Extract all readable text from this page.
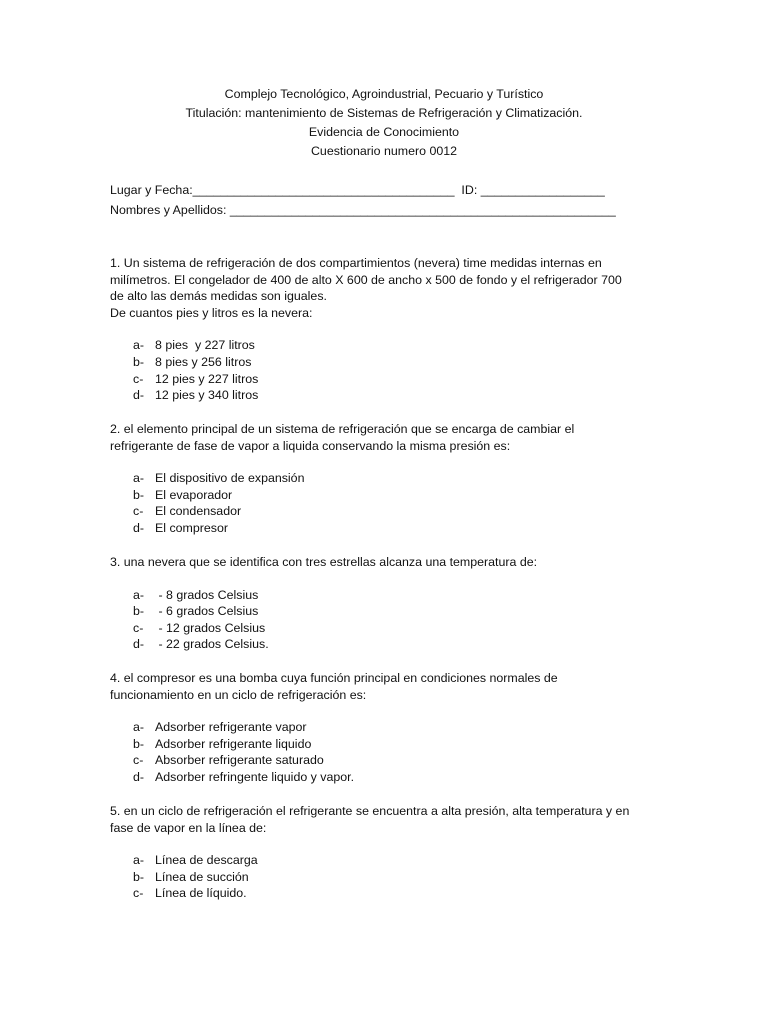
Complejo Tecnológico, Agroindustrial, Pecuario y Turístico
Titulación: mantenimiento de Sistemas de Refrigeración y Climatización.
Evidencia de Conocimiento
Cuestionario numero 0012
Lugar y Fecha:______________________________________ ID: __________________
Nombres y Apellidos: ________________________________________________________

1. Un sistema de refrigeración de dos compartimientos (nevera) time medidas internas en milímetros. El congelador de 400 de alto X 600 de ancho x 500 de fondo y el refrigerador 700 de alto las demás medidas son iguales.

De cuantos pies y litros es la nevera:

a- 8 pies  y 227 litros
b- 8 pies y 256 litros
c- 12 pies y 227 litros
d- 12 pies y 340 litros

2. el elemento principal de un sistema de refrigeración que se encarga de cambiar el refrigerante de fase de vapor a liquida conservando la misma presión es:

a- El dispositivo de expansión
b- El evaporador
c- El condensador
d- El compresor

3. una nevera que se identifica con tres estrellas alcanza una temperatura de:

a- - 8 grados Celsius
b- - 6 grados Celsius
c- - 12 grados Celsius
d- - 22 grados Celsius.

4. el compresor es una bomba cuya función principal en condiciones normales de funcionamiento en un ciclo de refrigeración es:

a- Adsorber refrigerante vapor
b- Adsorber refrigerante liquido
c- Absorber refrigerante saturado
d- Adsorber refringente liquido y vapor.

5. en un ciclo de refrigeración el refrigerante se encuentra a alta presión, alta temperatura y en fase de vapor en la línea de:

a- Línea de descarga
b- Línea de succión
c- Línea de líquido.
